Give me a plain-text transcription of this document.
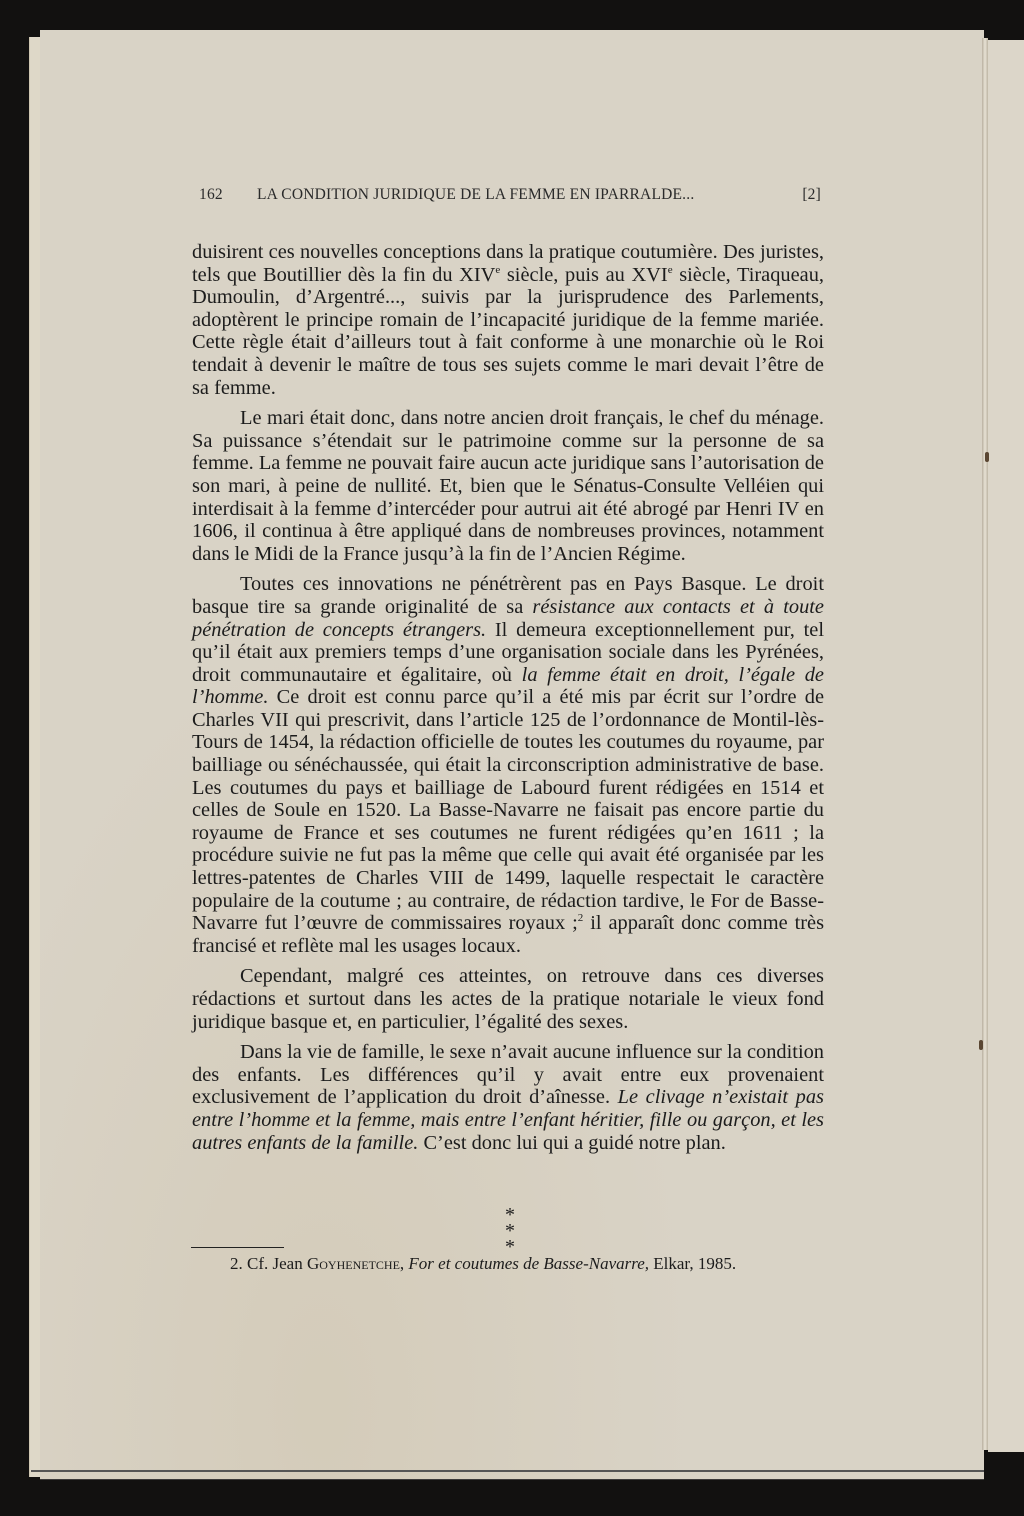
162	LA CONDITION JURIDIQUE DE LA FEMME EN IPARRALDE...	[2]

duisirent ces nouvelles conceptions dans la pratique coutumière. Des juristes, tels que Boutillier dès la fin du XIVe siècle, puis au XVIe siècle, Tiraqueau, Dumoulin, d’Argentré..., suivis par la jurisprudence des Parlements, adoptèrent le principe romain de l’incapacité juridique de la femme mariée. Cette règle était d’ailleurs tout à fait conforme à une monarchie où le Roi tendait à devenir le maître de tous ses sujets comme le mari devait l’être de sa femme.

Le mari était donc, dans notre ancien droit français, le chef du ménage. Sa puissance s’étendait sur le patrimoine comme sur la personne de sa femme. La femme ne pouvait faire aucun acte juridique sans l’autorisation de son mari, à peine de nullité. Et, bien que le Sénatus-Consulte Velléien qui interdisait à la femme d’intercéder pour autrui ait été abrogé par Henri IV en 1606, il continua à être appliqué dans de nombreuses provinces, notamment dans le Midi de la France jusqu’à la fin de l’Ancien Régime.

Toutes ces innovations ne pénétrèrent pas en Pays Basque. Le droit basque tire sa grande originalité de sa résistance aux contacts et à toute pénétration de concepts étrangers. Il demeura exceptionnellement pur, tel qu’il était aux premiers temps d’une organisation sociale dans les Pyrénées, droit communautaire et égalitaire, où la femme était en droit, l’égale de l’homme. Ce droit est connu parce qu’il a été mis par écrit sur l’ordre de Charles VII qui prescrivit, dans l’article 125 de l’ordonnance de Montil-lès-Tours de 1454, la rédaction officielle de toutes les coutumes du royaume, par bailliage ou sénéchaussée, qui était la circonscription administrative de base. Les coutumes du pays et bailliage de Labourd furent rédigées en 1514 et celles de Soule en 1520. La Basse-Navarre ne faisait pas encore partie du royaume de France et ses coutumes ne furent rédigées qu’en 1611 ; la procédure suivie ne fut pas la même que celle qui avait été organisée par les lettres-patentes de Charles VIII de 1499, laquelle respectait le caractère populaire de la coutume ; au contraire, de rédaction tardive, le For de Basse-Navarre fut l’œuvre de commissaires royaux ;$^2$ il apparaît donc comme très francisé et reflète mal les usages locaux.

Cependant, malgré ces atteintes, on retrouve dans ces diverses rédactions et surtout dans les actes de la pratique notariale le vieux fond juridique basque et, en particulier, l’égalité des sexes.

Dans la vie de famille, le sexe n’avait aucune influence sur la condition des enfants. Les différences qu’il y avait entre eux provenaient exclusivement de l’application du droit d’aînesse. Le clivage n’existait pas entre l’homme et la femme, mais entre l’enfant héritier, fille ou garçon, et les autres enfants de la famille. C’est donc lui qui a guidé notre plan.

*
* *
2. Cf. Jean Goyhenetche, For et coutumes de Basse-Navarre, Elkar, 1985.
